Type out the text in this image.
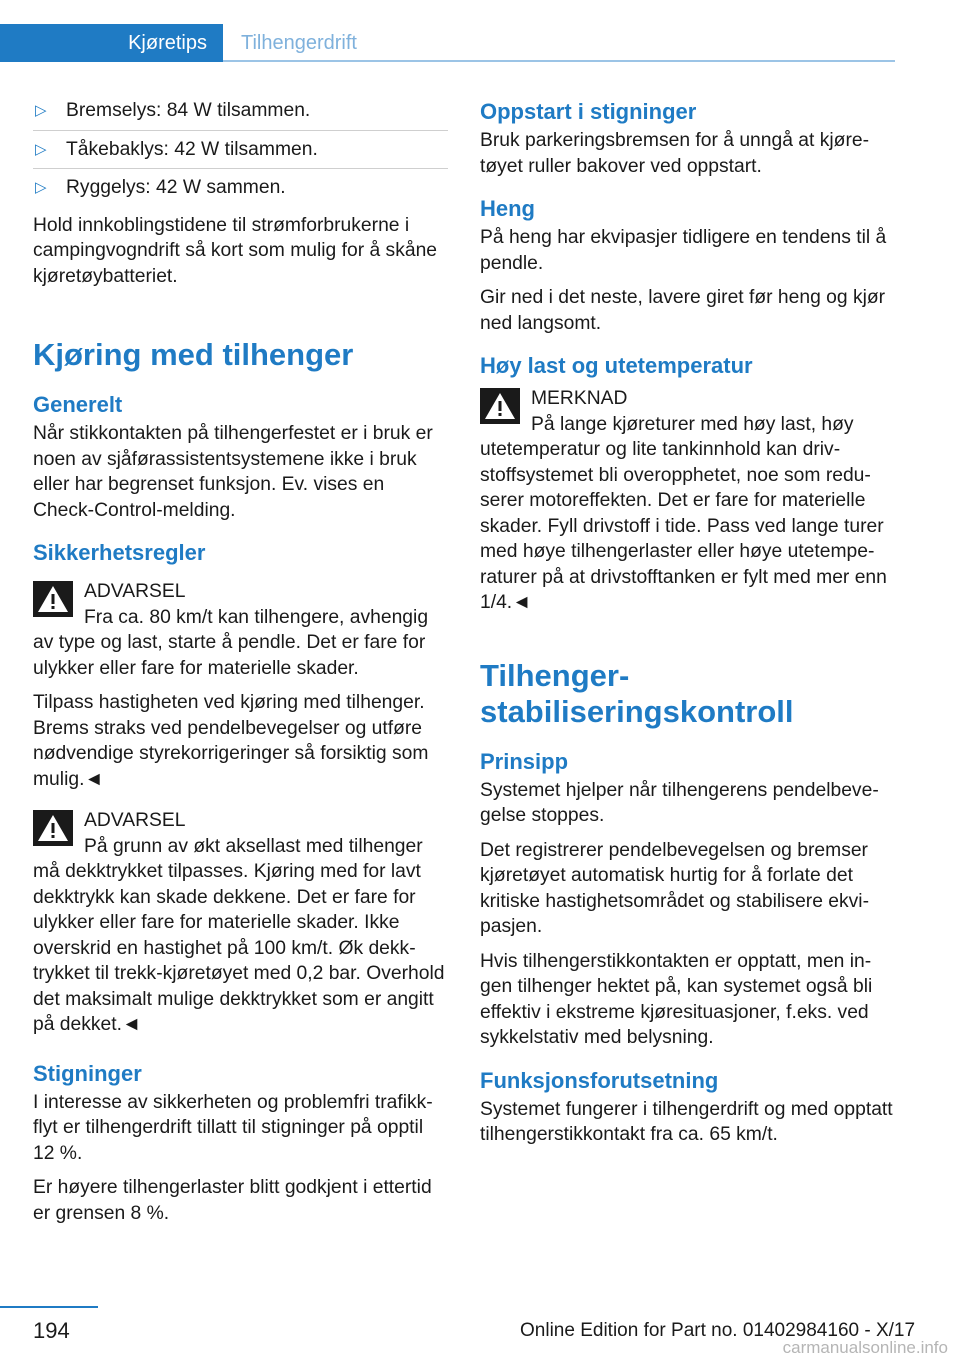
Kjøretips	Tilhengerdrift
▷ Bremselys: 84 W tilsammen.
▷ Tåkebaklys: 42 W tilsammen.
▷ Ryggelys: 42 W sammen.

Hold innkoblingstidene til strømforbrukerne i campingvogndrift så kort som mulig for å skåne kjøretøybatteriet.

Kjøring med tilhenger
Generelt

Når stikkontakten på tilhengerfestet er i bruk er noen av sjåførassistentsystemene ikke i bruk eller har begrenset funksjon. Ev. vises en Check-Control-melding.

Sikkerhetsregler
ADVARSEL
Fra ca. 80 km/t kan tilhengere, avhengig av type og last, starte å pendle. Det er fare for ulykker eller fare for materielle skader.

Tilpass hastigheten ved kjøring med tilhenger. Brems straks ved pendelbevegelser og utføre nødvendige styrekorrigeringer så forsiktig som mulig.◄

ADVARSEL
På grunn av økt aksellast med tilhenger må dekktrykket tilpasses. Kjøring med for lavt dekktrykk kan skade dekkene. Det er fare for ulykker eller fare for materielle skader. Ikke overskrid en hastighet på 100 km/t. Øk dekktrykket til trekk-kjøretøyet med 0,2 bar. Overhold det maksimalt mulige dekktrykket som er angitt på dekket.◄
Stigninger

I interesse av sikkerheten og problemfri trafikkflyt er tilhengerdrift tillatt til stigninger på opptil 12 %.

Er høyere tilhengerlaster blitt godkjent i ettertid er grensen 8 %.

Oppstart i stigninger

Bruk parkeringsbremsen for å unngå at kjøretøyet ruller bakover ved oppstart.

Heng

På heng har ekvipasjer tidligere en tendens til å pendle.

Gir ned i det neste, lavere giret før heng og kjør ned langsomt.

Høy last og utetemperatur
MERKNAD
På lange kjøreturer med høy last, høy utetemperatur og lite tankinnhold kan drivstoffsystemet bli overopphetet, noe som reduserer motoreffekten. Det er fare for materielle skader. Fyll drivstoff i tide. Pass ved lange turer med høye tilhengerlaster eller høye utetemperaturer på at drivstofftanken er fylt med mer enn 1/4.◄
Tilhenger-stabiliseringskontroll
Prinsipp

Systemet hjelper når tilhengerens pendelbevegelse stoppes.

Det registrerer pendelbevegelsen og bremser kjøretøyet automatisk hurtig for å forlate det kritiske hastighetsområdet og stabilisere ekvipasjen.

Hvis tilhengerstikkontakten er opptatt, men ingen tilhenger hektet på, kan systemet også bli effektiv i ekstreme kjøresituasjoner, f.eks. ved sykkelstativ med belysning.

Funksjonsforutsetning

Systemet fungerer i tilhengerdrift og med opptatt tilhengerstikkontakt fra ca. 65 km/t.

194	Online Edition for Part no. 01402984160 - X/17
carmanualsonline.info
